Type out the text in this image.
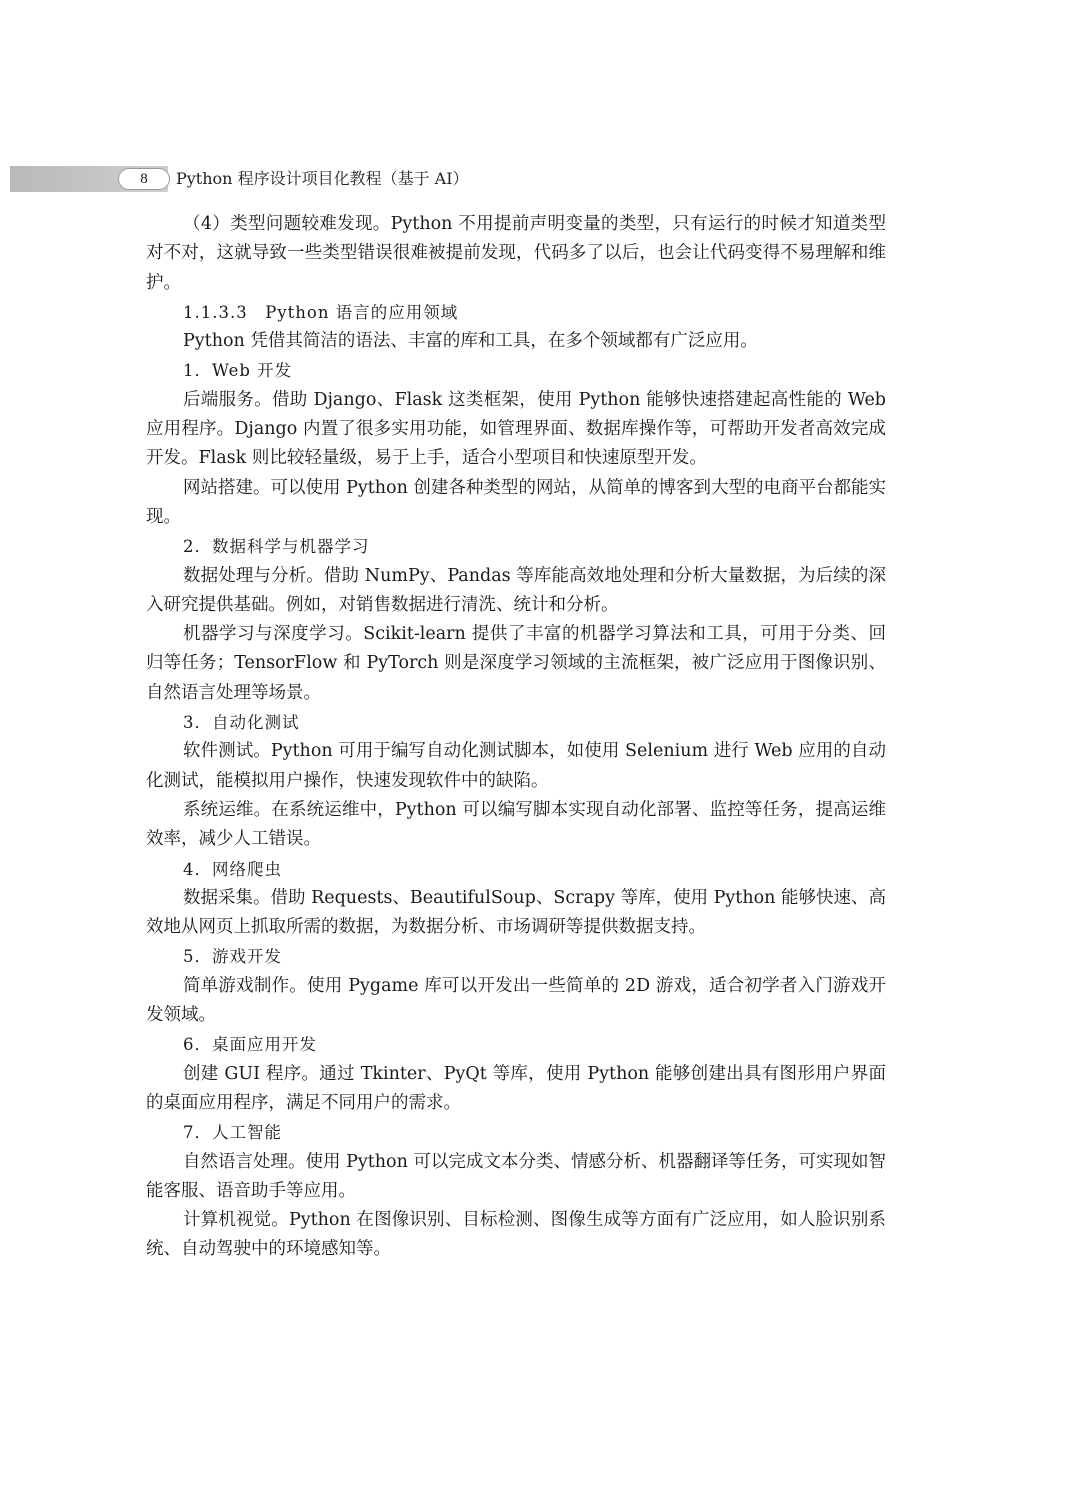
8	Python 程序设计项目化教程（基于 AI）

（4）类型问题较难发现。Python 不用提前声明变量的类型，只有运行的时候才知道类型对不对，这就导致一些类型错误很难被提前发现，代码多了以后，也会让代码变得不易理解和维护。

1.1.3.3　Python 语言的应用领域

Python 凭借其简洁的语法、丰富的库和工具，在多个领域都有广泛应用。

1．Web 开发

后端服务。借助 Django、Flask 这类框架，使用 Python 能够快速搭建起高性能的 Web 应用程序。Django 内置了很多实用功能，如管理界面、数据库操作等，可帮助开发者高效完成开发。Flask 则比较轻量级，易于上手，适合小型项目和快速原型开发。

网站搭建。可以使用 Python 创建各种类型的网站，从简单的博客到大型的电商平台都能实现。

2．数据科学与机器学习

数据处理与分析。借助 NumPy、Pandas 等库能高效地处理和分析大量数据，为后续的深入研究提供基础。例如，对销售数据进行清洗、统计和分析。

机器学习与深度学习。Scikit-learn 提供了丰富的机器学习算法和工具，可用于分类、回归等任务；TensorFlow 和 PyTorch 则是深度学习领域的主流框架，被广泛应用于图像识别、自然语言处理等场景。

3．自动化测试

软件测试。Python 可用于编写自动化测试脚本，如使用 Selenium 进行 Web 应用的自动化测试，能模拟用户操作，快速发现软件中的缺陷。

系统运维。在系统运维中，Python 可以编写脚本实现自动化部署、监控等任务，提高运维效率，减少人工错误。

4．网络爬虫

数据采集。借助 Requests、BeautifulSoup、Scrapy 等库，使用 Python 能够快速、高效地从网页上抓取所需的数据，为数据分析、市场调研等提供数据支持。

5．游戏开发

简单游戏制作。使用 Pygame 库可以开发出一些简单的 2D 游戏，适合初学者入门游戏开发领域。

6．桌面应用开发

创建 GUI 程序。通过 Tkinter、PyQt 等库，使用 Python 能够创建出具有图形用户界面的桌面应用程序，满足不同用户的需求。

7．人工智能

自然语言处理。使用 Python 可以完成文本分类、情感分析、机器翻译等任务，可实现如智能客服、语音助手等应用。

计算机视觉。Python 在图像识别、目标检测、图像生成等方面有广泛应用，如人脸识别系统、自动驾驶中的环境感知等。
